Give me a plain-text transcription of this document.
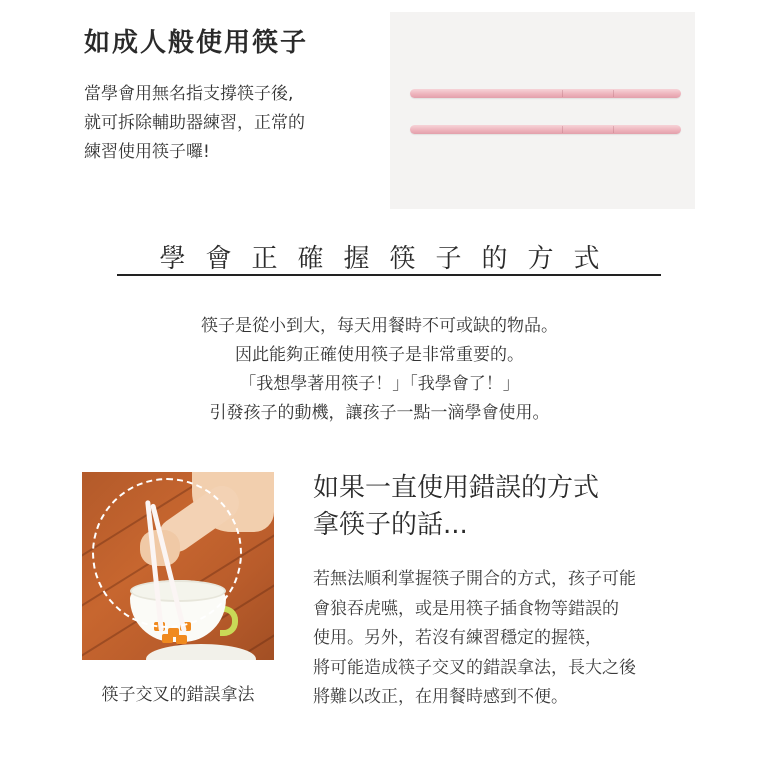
如成人般使用筷子
當學會用無名指支撐筷子後,
就可拆除輔助器練習，正常的
練習使用筷子囉!
學會正確握筷子的方式
筷子是從小到大，每天用餐時不可或缺的物品。
因此能夠正確使用筷子是非常重要的。
「我想學著用筷子！」「我學會了！」
引發孩子的動機，讓孩子一點一滴學會使用。
筷子交叉的錯誤拿法
如果一直使用錯誤的方式
拿筷子的話...
若無法順利掌握筷子開合的方式，孩子可能
會狼吞虎嚥，或是用筷子插食物等錯誤的
使用。另外，若沒有練習穩定的握筷，
將可能造成筷子交叉的錯誤拿法，長大之後
將難以改正，在用餐時感到不便。
